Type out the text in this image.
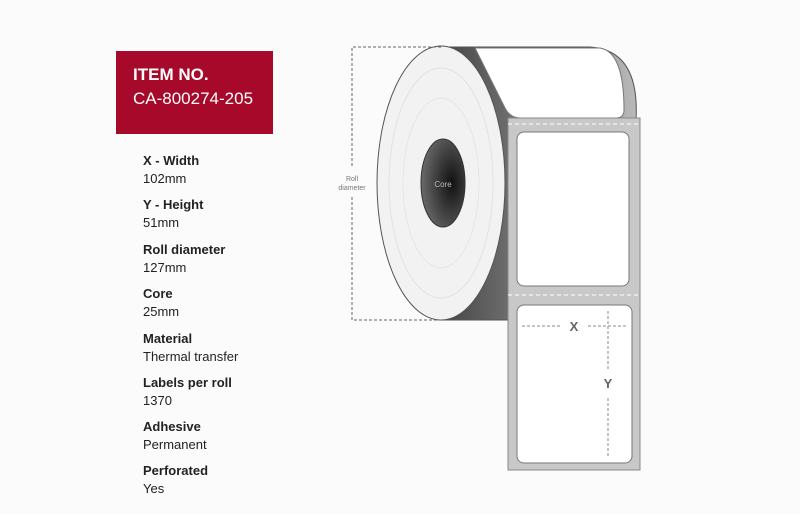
ITEM NO.
CA-800274-205
X - Width
102mm
Y - Height
51mm
Roll diameter
127mm
Core
25mm
Material
Thermal transfer
Labels per roll
1370
Adhesive
Permanent
Perforated
Yes
X
Y
Core
Roll
diameter
